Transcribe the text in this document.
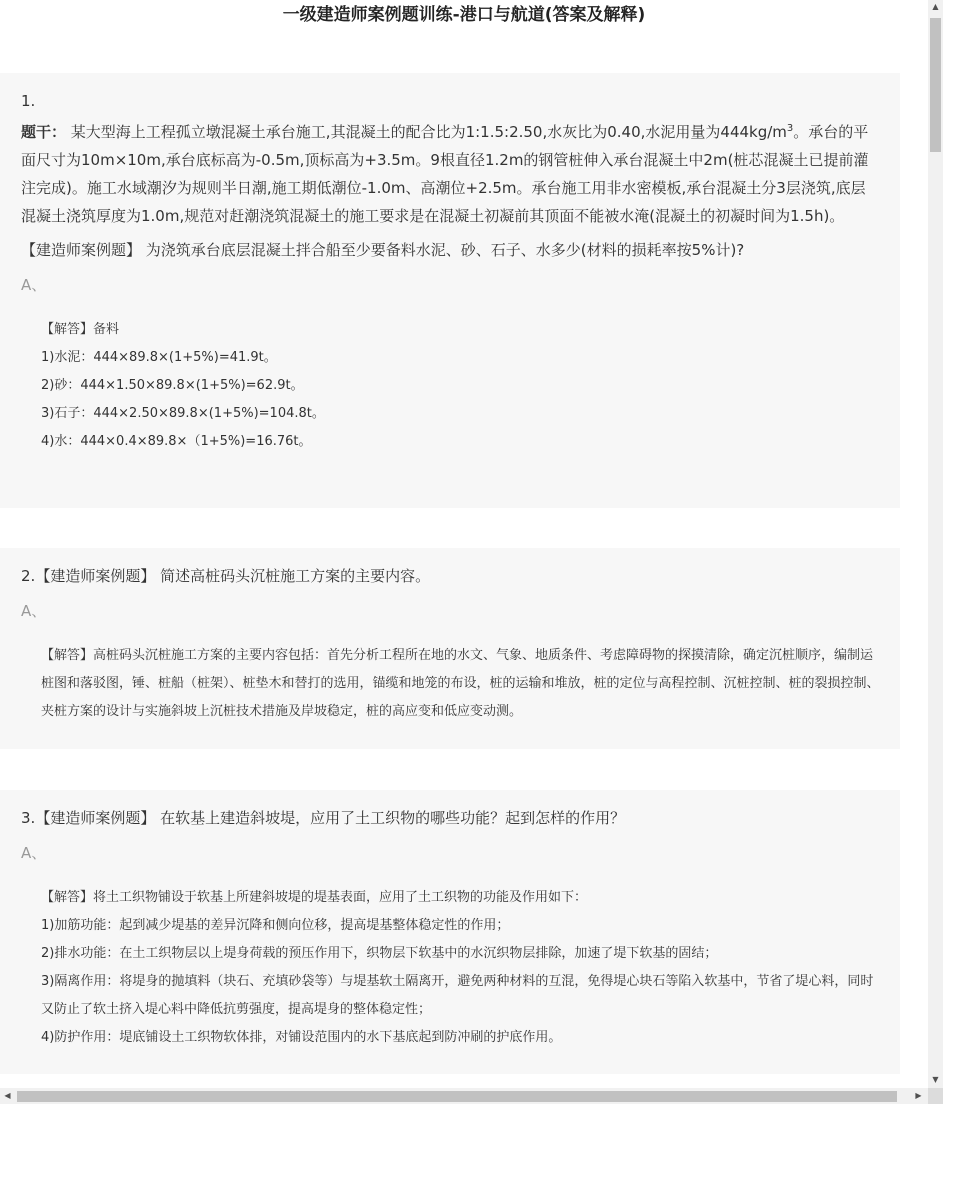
一级建造师案例题训练-港口与航道(答案及解释)
1.
题干： 某大型海上工程孤立墩混凝土承台施工,其混凝土的配合比为1:1.5:2.50,水灰比为0.40,水泥用量为$444kg/m^3$。承台的平面尺寸为10m×10m,承台底标高为-0.5m,顶标高为+3.5m。9根直径1.2m的钢管桩伸入承台混凝土中2m(桩芯混凝土已提前灌注完成)。施工水域潮汐为规则半日潮,施工期低潮位-1.0m、高潮位+2.5m。承台施工用非水密模板,承台混凝土分3层浇筑,底层混凝土浇筑厚度为1.0m,规范对赶潮浇筑混凝土的施工要求是在混凝土初凝前其顶面不能被水淹(混凝土的初凝时间为1.5h)。
【建造师案例题】 为浇筑承台底层混凝土拌合船至少要备料水泥、砂、石子、水多少(材料的损耗率按5%计)?
A、

【解答】备料

1)水泥：444×89.8×(1+5%)=41.9t。

2)砂：444×1.50×89.8×(1+5%)=62.9t。

3)石子：444×2.50×89.8×(1+5%)=104.8t。

4)水：444×0.4×89.8×（1+5%)=16.76t。

2.【建造师案例题】 简述高桩码头沉桩施工方案的主要内容。
A、

【解答】高桩码头沉桩施工方案的主要内容包括：首先分析工程所在地的水文、气象、地质条件、考虑障碍物的探摸清除，确定沉桩顺序，编制运桩图和落驳图，锤、桩船（桩架）、桩垫木和替打的选用，锚缆和地笼的布设，桩的运输和堆放，桩的定位与高程控制、沉桩控制、桩的裂损控制、夹桩方案的设计与实施斜坡上沉桩技术措施及岸坡稳定，桩的高应变和低应变动测。

3.【建造师案例题】 在软基上建造斜坡堤，应用了土工织物的哪些功能？起到怎样的作用？
A、

【解答】将土工织物铺设于软基上所建斜坡堤的堤基表面，应用了土工织物的功能及作用如下：

1)加筋功能：起到减少堤基的差异沉降和侧向位移，提高堤基整体稳定性的作用；

2)排水功能：在土工织物层以上堤身荷载的预压作用下，织物层下软基中的水沉织物层排除，加速了堤下软基的固结；

3)隔离作用：将堤身的抛填料（块石、充填砂袋等）与堤基软土隔离开，避免两种材料的互混，免得堤心块石等陷入软基中，节省了堤心料，同时又防止了软土挤入堤心料中降低抗剪强度，提高堤身的整体稳定性；

4)防护作用：堤底铺设土工织物软体排，对铺设范围内的水下基底起到防冲刷的护底作用。

▲
▼
◀	▶
